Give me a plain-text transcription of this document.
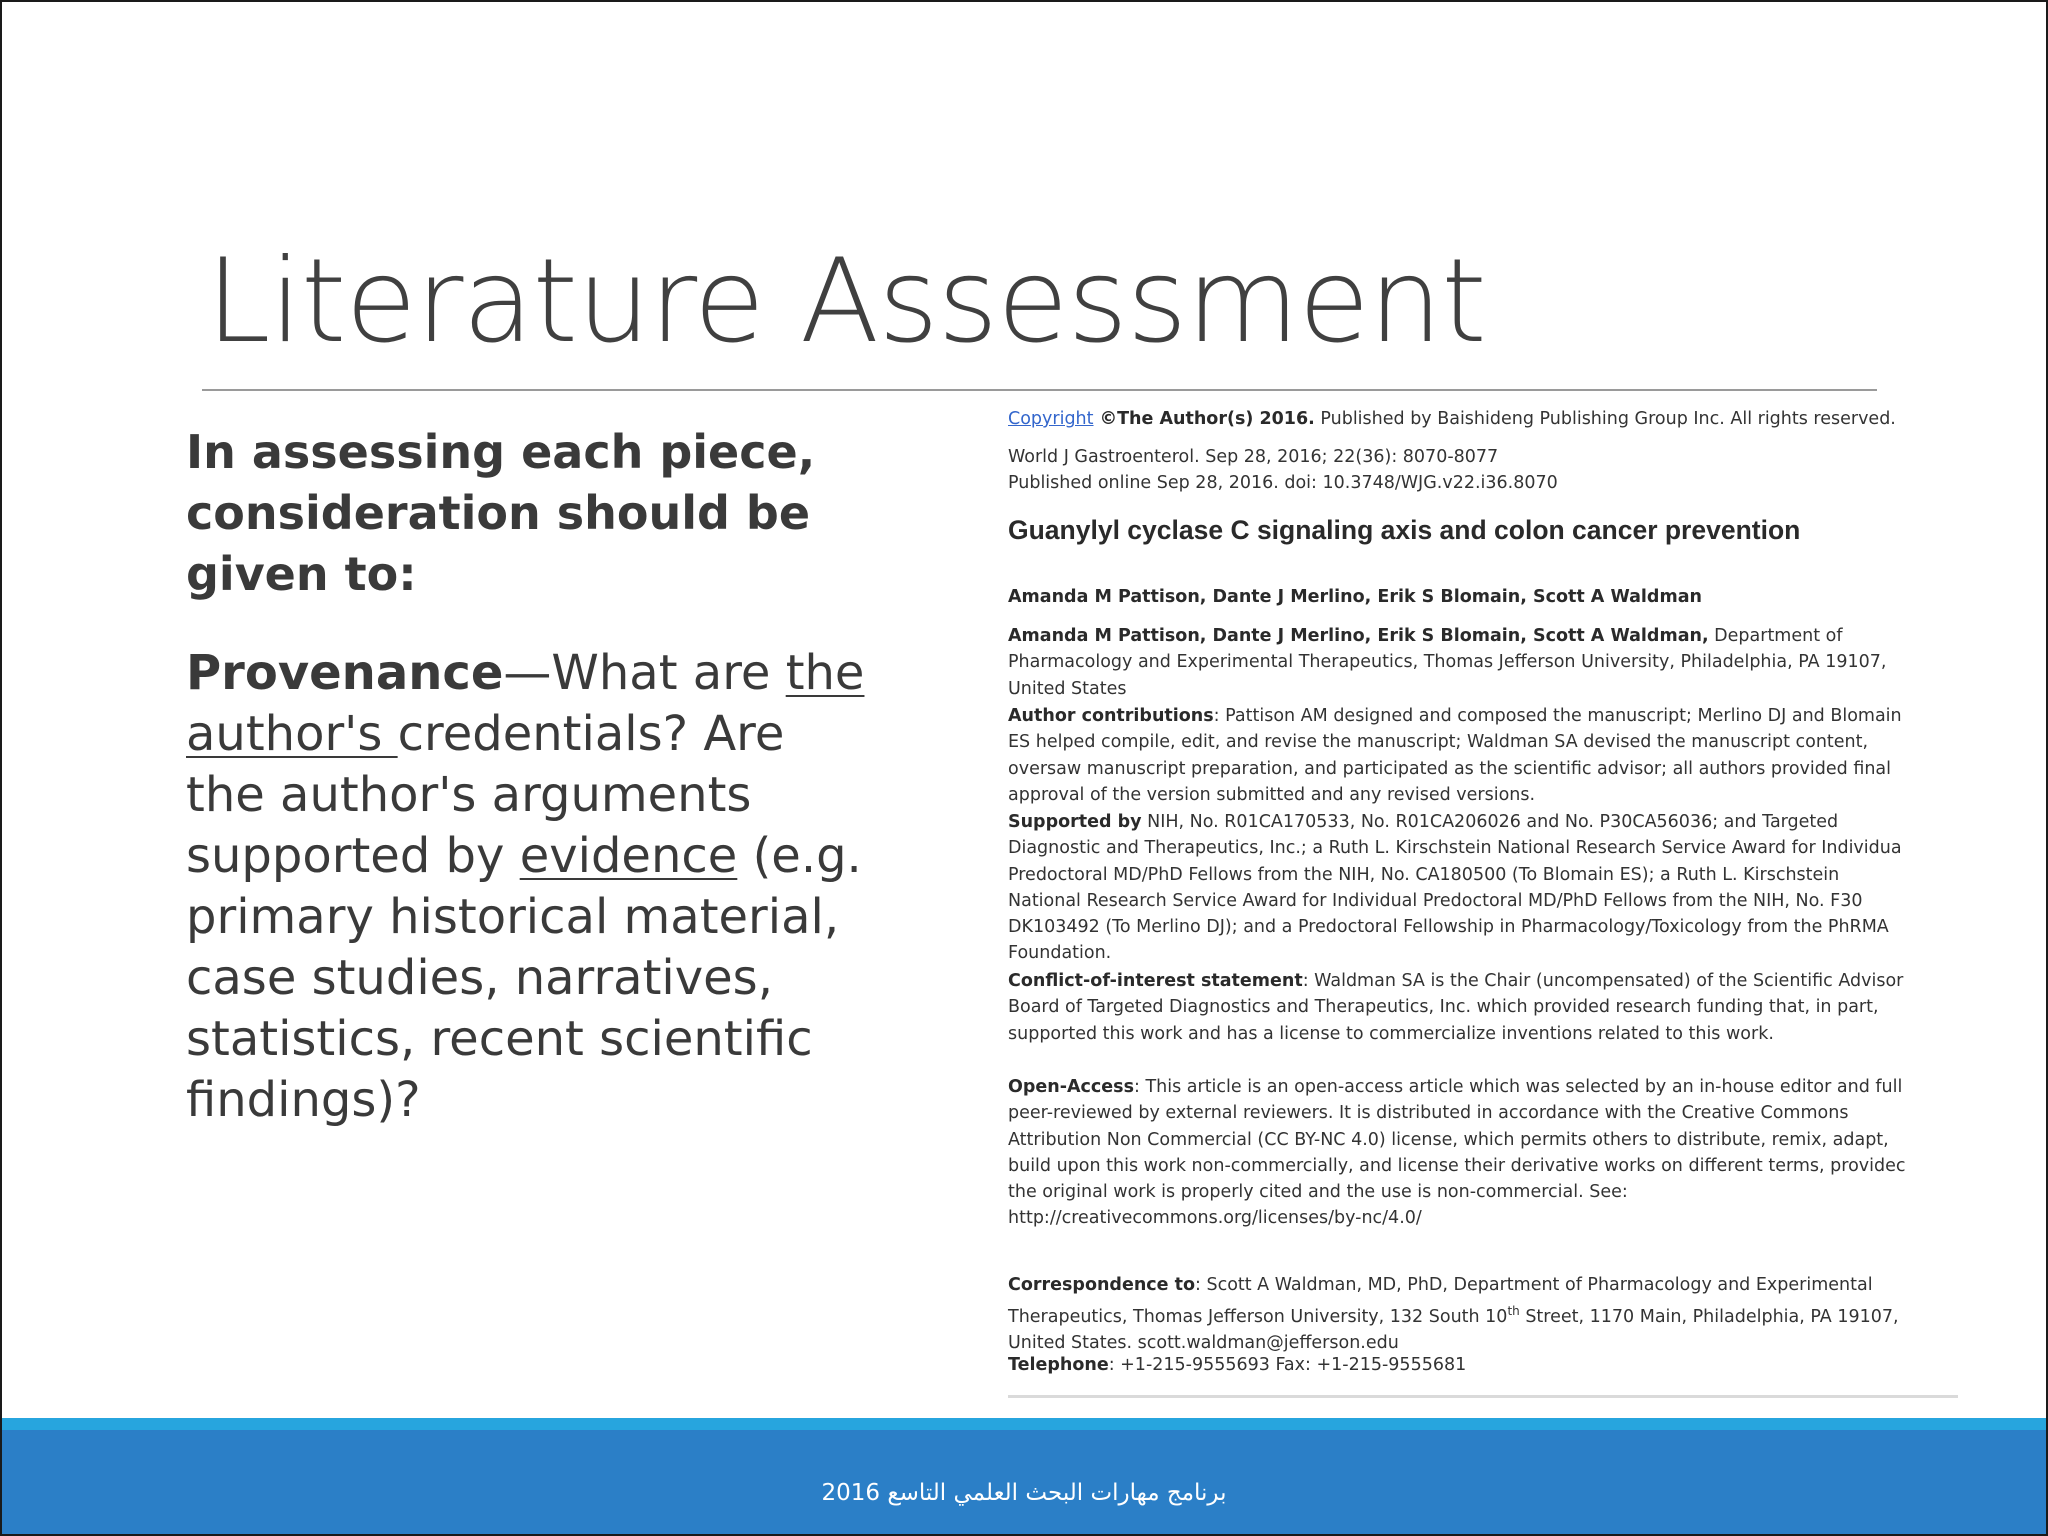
Literature Assessment

In assessing each piece, consideration should be given to:

Provenance—What are the author's credentials? Are the author's arguments supported by evidence (e.g. primary historical material, case studies, narratives, statistics, recent scientific findings)?

Copyright ©The Author(s) 2016. Published by Baishideng Publishing Group Inc. All rights reserved.

World J Gastroenterol. Sep 28, 2016; 22(36): 8070-8077

Published online Sep 28, 2016. doi: 10.3748/WJG.v22.i36.8070

Guanylyl cyclase C signaling axis and colon cancer prevention

Amanda M Pattison, Dante J Merlino, Erik S Blomain, Scott A Waldman

Amanda M Pattison, Dante J Merlino, Erik S Blomain, Scott A Waldman, Department of

Pharmacology and Experimental Therapeutics, Thomas Jefferson University, Philadelphia, PA 19107,

United States

Author contributions: Pattison AM designed and composed the manuscript; Merlino DJ and Blomain

ES helped compile, edit, and revise the manuscript; Waldman SA devised the manuscript content,

oversaw manuscript preparation, and participated as the scientific advisor; all authors provided final

approval of the version submitted and any revised versions.

Supported by NIH, No. R01CA170533, No. R01CA206026 and No. P30CA56036; and Targeted

Diagnostic and Therapeutics, Inc.; a Ruth L. Kirschstein National Research Service Award for Individua

Predoctoral MD/PhD Fellows from the NIH, No. CA180500 (To Blomain ES); a Ruth L. Kirschstein

National Research Service Award for Individual Predoctoral MD/PhD Fellows from the NIH, No. F30

DK103492 (To Merlino DJ); and a Predoctoral Fellowship in Pharmacology/Toxicology from the PhRMA

Foundation.

Conflict-of-interest statement: Waldman SA is the Chair (uncompensated) of the Scientific Advisor

Board of Targeted Diagnostics and Therapeutics, Inc. which provided research funding that, in part,

supported this work and has a license to commercialize inventions related to this work.

Open-Access: This article is an open-access article which was selected by an in-house editor and full

peer-reviewed by external reviewers. It is distributed in accordance with the Creative Commons

Attribution Non Commercial (CC BY-NC 4.0) license, which permits others to distribute, remix, adapt,

build upon this work non-commercially, and license their derivative works on different terms, providec

the original work is properly cited and the use is non-commercial. See:

http://creativecommons.org/licenses/by-nc/4.0/

Correspondence to: Scott A Waldman, MD, PhD, Department of Pharmacology and Experimental

Therapeutics, Thomas Jefferson University, 132 South 10th Street, 1170 Main, Philadelphia, PA 19107,

United States. scott.waldman@jefferson.edu

Telephone: +1-215-9555693 Fax: +1-215-9555681

برنامج مهارات البحث العلمي التاسع 2016
